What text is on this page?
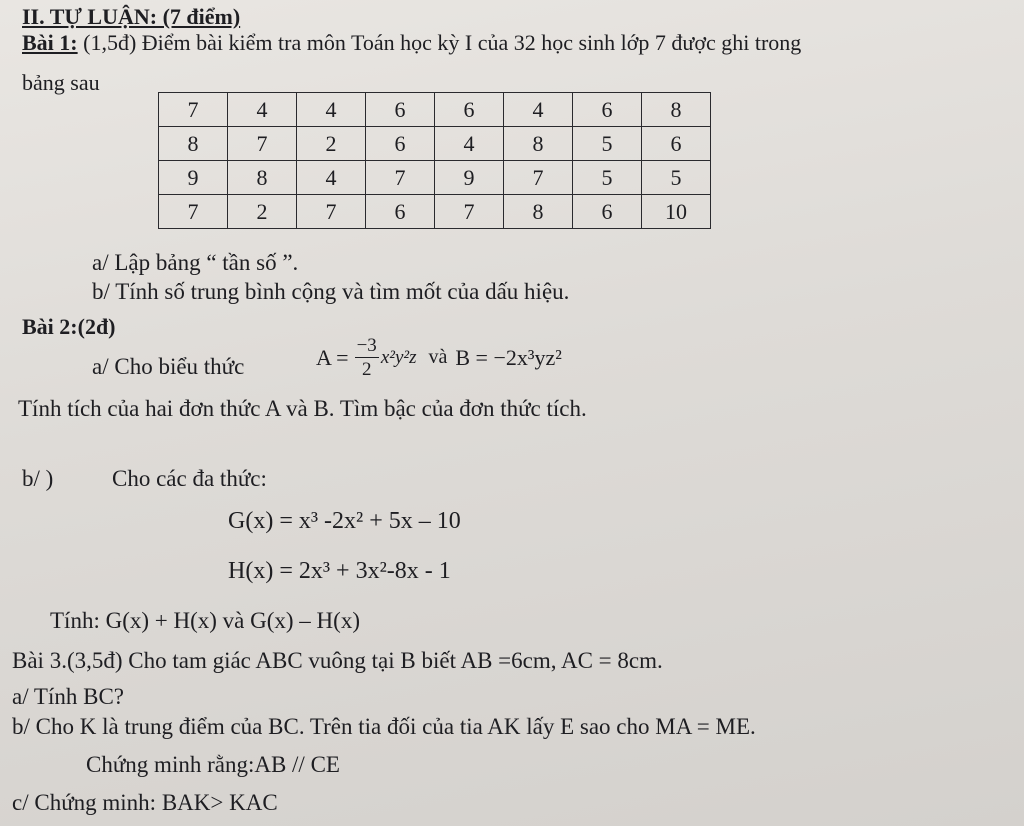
II. TỰ LUẬN: (7 điểm)
Bài 1: (1,5đ) Điểm bài kiểm tra môn Toán học kỳ I của 32 học sinh lớp 7 được ghi trong
bảng sau
7	4	4	6	6	4	6	8
8	7	2	6	4	8	5	6
9	8	4	7	9	7	5	5
7	2	7	6	7	8	6	10
a/ Lập bảng “ tần số ”.
b/ Tính số trung bình cộng và tìm mốt của dấu hiệu.
Bài 2:(2đ)
a/ Cho biểu thức	$A = \frac{-3}{2} x^2y^2z$ và B = −2x³yz²
Tính tích của hai đơn thức A và B. Tìm bậc của đơn thức tích.
b/ )	Cho các đa thức:
G(x) = x³ -2x² + 5x – 10
H(x) = 2x³ + 3x²-8x - 1
Tính: G(x) + H(x) và G(x) – H(x)
Bài 3.(3,5đ) Cho tam giác ABC vuông tại B biết AB =6cm, AC = 8cm.
a/ Tính BC?
b/ Cho K là trung điểm của BC. Trên tia đối của tia AK lấy E sao cho MA = ME.
Chứng minh rằng:AB // CE
c/ Chứng minh: BAK> KAC
